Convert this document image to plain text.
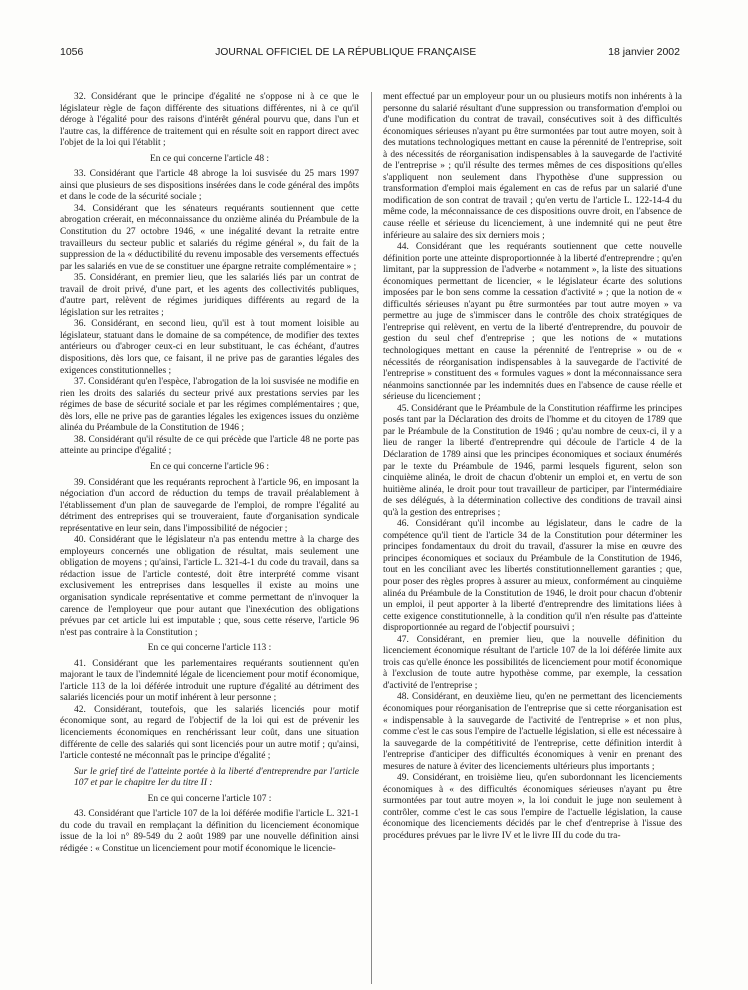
1056	JOURNAL OFFICIEL DE LA RÉPUBLIQUE FRANÇAISE	18 janvier 2002

32. Considérant que le principe d'égalité ne s'oppose ni à ce que le législateur règle de façon différente des situations différentes, ni à ce qu'il déroge à l'égalité pour des raisons d'intérêt général pourvu que, dans l'un et l'autre cas, la différence de traitement qui en résulte soit en rapport direct avec l'objet de la loi qui l'établit ;

En ce qui concerne l'article 48 :

33. Considérant que l'article 48 abroge la loi susvisée du 25 mars 1997 ainsi que plusieurs de ses dispositions insérées dans le code général des impôts et dans le code de la sécurité sociale ;

34. Considérant que les sénateurs requérants soutiennent que cette abrogation créerait, en méconnaissance du onzième alinéa du Préambule de la Constitution du 27 octobre 1946, « une inégalité devant la retraite entre travailleurs du secteur public et salariés du régime général », du fait de la suppression de la « déductibilité du revenu imposable des versements effectués par les salariés en vue de se constituer une épargne retraite complémentaire » ;

35. Considérant, en premier lieu, que les salariés liés par un contrat de travail de droit privé, d'une part, et les agents des collectivités publiques, d'autre part, relèvent de régimes juridiques différents au regard de la législation sur les retraites ;

36. Considérant, en second lieu, qu'il est à tout moment loisible au législateur, statuant dans le domaine de sa compétence, de modifier des textes antérieurs ou d'abroger ceux-ci en leur substituant, le cas échéant, d'autres dispositions, dès lors que, ce faisant, il ne prive pas de garanties légales des exigences constitutionnelles ;

37. Considérant qu'en l'espèce, l'abrogation de la loi susvisée ne modifie en rien les droits des salariés du secteur privé aux prestations servies par les régimes de base de sécurité sociale et par les régimes complémentaires ; que, dès lors, elle ne prive pas de garanties légales les exigences issues du onzième alinéa du Préambule de la Constitution de 1946 ;

38. Considérant qu'il résulte de ce qui précède que l'article 48 ne porte pas atteinte au principe d'égalité ;

En ce qui concerne l'article 96 :

39. Considérant que les requérants reprochent à l'article 96, en imposant la négociation d'un accord de réduction du temps de travail préalablement à l'établissement d'un plan de sauvegarde de l'emploi, de rompre l'égalité au détriment des entreprises qui se trouveraient, faute d'organisation syndicale représentative en leur sein, dans l'impossibilité de négocier ;

40. Considérant que le législateur n'a pas entendu mettre à la charge des employeurs concernés une obligation de résultat, mais seulement une obligation de moyens ; qu'ainsi, l'article L. 321-4-1 du code du travail, dans sa rédaction issue de l'article contesté, doit être interprété comme visant exclusivement les entreprises dans lesquelles il existe au moins une organisation syndicale représentative et comme permettant de n'invoquer la carence de l'employeur que pour autant que l'inexécution des obligations prévues par cet article lui est imputable ; que, sous cette réserve, l'article 96 n'est pas contraire à la Constitution ;

En ce qui concerne l'article 113 :

41. Considérant que les parlementaires requérants soutiennent qu'en majorant le taux de l'indemnité légale de licenciement pour motif économique, l'article 113 de la loi déférée introduit une rupture d'égalité au détriment des salariés licenciés pour un motif inhérent à leur personne ;

42. Considérant, toutefois, que les salariés licenciés pour motif économique sont, au regard de l'objectif de la loi qui est de prévenir les licenciements économiques en renchérissant leur coût, dans une situation différente de celle des salariés qui sont licenciés pour un autre motif ; qu'ainsi, l'article contesté ne méconnaît pas le principe d'égalité ;

Sur le grief tiré de l'atteinte portée à la liberté d'entreprendre par l'article 107 et par le chapitre Ier du titre II :

En ce qui concerne l'article 107 :

43. Considérant que l'article 107 de la loi déférée modifie l'article L. 321-1 du code du travail en remplaçant la définition du licenciement économique issue de la loi n° 89-549 du 2 août 1989 par une nouvelle définition ainsi rédigée : « Constitue un licenciement pour motif économique le licencie-

ment effectué par un employeur pour un ou plusieurs motifs non inhérents à la personne du salarié résultant d'une suppression ou transformation d'emploi ou d'une modification du contrat de travail, consécutives soit à des difficultés économiques sérieuses n'ayant pu être surmontées par tout autre moyen, soit à des mutations technologiques mettant en cause la pérennité de l'entreprise, soit à des nécessités de réorganisation indispensables à la sauvegarde de l'activité de l'entreprise » ; qu'il résulte des termes mêmes de ces dispositions qu'elles s'appliquent non seulement dans l'hypothèse d'une suppression ou transformation d'emploi mais également en cas de refus par un salarié d'une modification de son contrat de travail ; qu'en vertu de l'article L. 122-14-4 du même code, la méconnaissance de ces dispositions ouvre droit, en l'absence de cause réelle et sérieuse du licenciement, à une indemnité qui ne peut être inférieure au salaire des six derniers mois ;

44. Considérant que les requérants soutiennent que cette nouvelle définition porte une atteinte disproportionnée à la liberté d'entreprendre ; qu'en limitant, par la suppression de l'adverbe « notamment », la liste des situations économiques permettant de licencier, « le législateur écarte des solutions imposées par le bon sens comme la cessation d'activité » ; que la notion de « difficultés sérieuses n'ayant pu être surmontées par tout autre moyen » va permettre au juge de s'immiscer dans le contrôle des choix stratégiques de l'entreprise qui relèvent, en vertu de la liberté d'entreprendre, du pouvoir de gestion du seul chef d'entreprise ; que les notions de « mutations technologiques mettant en cause la pérennité de l'entreprise » ou de « nécessités de réorganisation indispensables à la sauvegarde de l'activité de l'entreprise » constituent des « formules vagues » dont la méconnaissance sera néanmoins sanctionnée par les indemnités dues en l'absence de cause réelle et sérieuse du licenciement ;

45. Considérant que le Préambule de la Constitution réaffirme les principes posés tant par la Déclaration des droits de l'homme et du citoyen de 1789 que par le Préambule de la Constitution de 1946 ; qu'au nombre de ceux-ci, il y a lieu de ranger la liberté d'entreprendre qui découle de l'article 4 de la Déclaration de 1789 ainsi que les principes économiques et sociaux énumérés par le texte du Préambule de 1946, parmi lesquels figurent, selon son cinquième alinéa, le droit de chacun d'obtenir un emploi et, en vertu de son huitième alinéa, le droit pour tout travailleur de participer, par l'intermédiaire de ses délégués, à la détermination collective des conditions de travail ainsi qu'à la gestion des entreprises ;

46. Considérant qu'il incombe au législateur, dans le cadre de la compétence qu'il tient de l'article 34 de la Constitution pour déterminer les principes fondamentaux du droit du travail, d'assurer la mise en œuvre des principes économiques et sociaux du Préambule de la Constitution de 1946, tout en les conciliant avec les libertés constitutionnellement garanties ; que, pour poser des règles propres à assurer au mieux, conformément au cinquième alinéa du Préambule de la Constitution de 1946, le droit pour chacun d'obtenir un emploi, il peut apporter à la liberté d'entreprendre des limitations liées à cette exigence constitutionnelle, à la condition qu'il n'en résulte pas d'atteinte disproportionnée au regard de l'objectif poursuivi ;

47. Considérant, en premier lieu, que la nouvelle définition du licenciement économique résultant de l'article 107 de la loi déférée limite aux trois cas qu'elle énonce les possibilités de licenciement pour motif économique à l'exclusion de toute autre hypothèse comme, par exemple, la cessation d'activité de l'entreprise ;

48. Considérant, en deuxième lieu, qu'en ne permettant des licenciements économiques pour réorganisation de l'entreprise que si cette réorganisation est « indispensable à la sauvegarde de l'activité de l'entreprise » et non plus, comme c'est le cas sous l'empire de l'actuelle législation, si elle est nécessaire à la sauvegarde de la compétitivité de l'entreprise, cette définition interdit à l'entreprise d'anticiper des difficultés économiques à venir en prenant des mesures de nature à éviter des licenciements ultérieurs plus importants ;

49. Considérant, en troisième lieu, qu'en subordonnant les licenciements économiques à « des difficultés économiques sérieuses n'ayant pu être surmontées par tout autre moyen », la loi conduit le juge non seulement à contrôler, comme c'est le cas sous l'empire de l'actuelle législation, la cause économique des licenciements décidés par le chef d'entreprise à l'issue des procédures prévues par le livre IV et le livre III du code du tra-
